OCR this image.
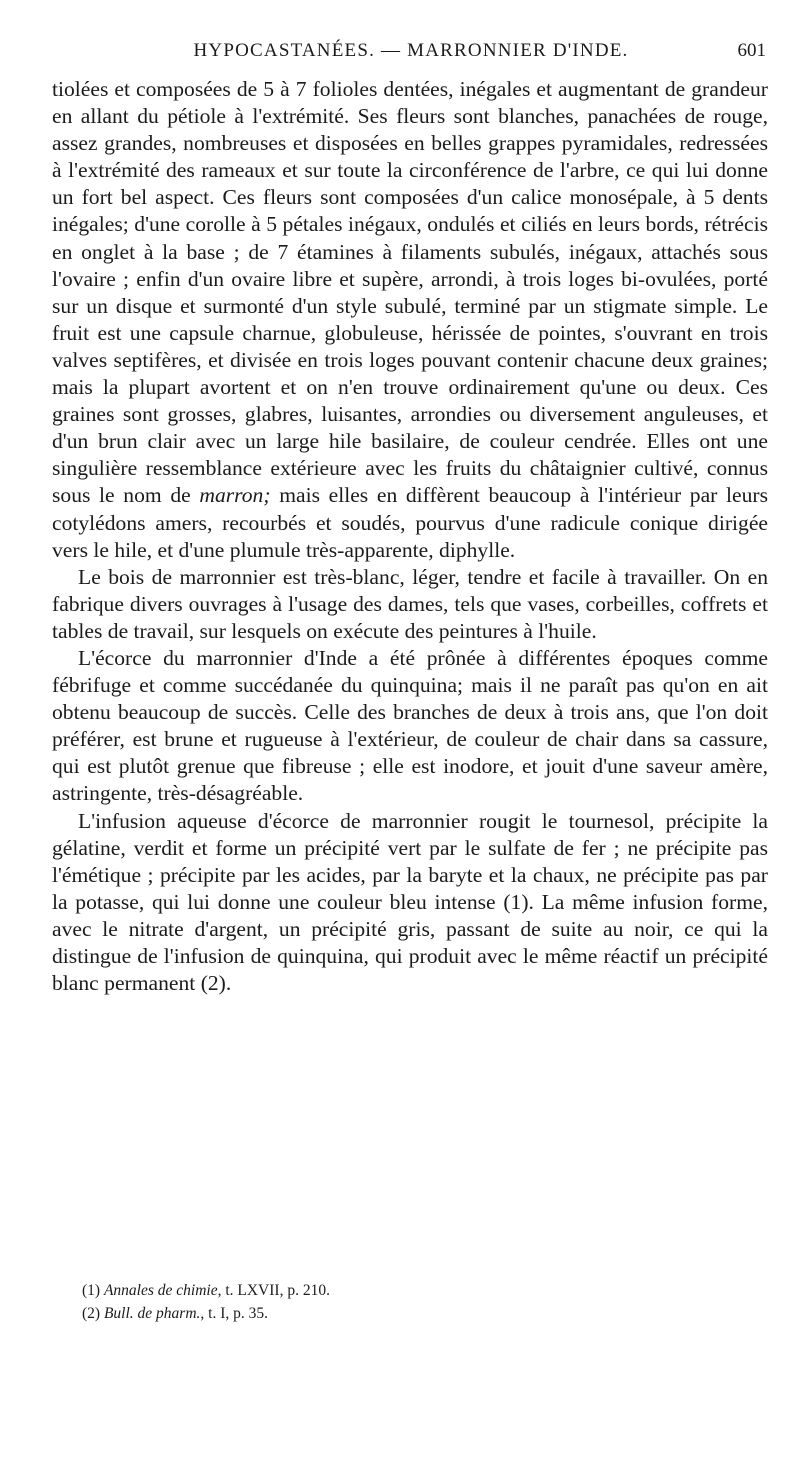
HYPOCASTANÉES. — MARRONNIER D'INDE.	601

tiolées et composées de 5 à 7 folioles dentées, inégales et augmentant de grandeur en allant du pétiole à l'extrémité. Ses fleurs sont blanches, panachées de rouge, assez grandes, nombreuses et disposées en belles grappes pyramidales, redressées à l'extrémité des rameaux et sur toute la circonférence de l'arbre, ce qui lui donne un fort bel aspect. Ces fleurs sont composées d'un calice monosépale, à 5 dents inégales; d'une corolle à 5 pétales inégaux, ondulés et ciliés en leurs bords, rétrécis en onglet à la base ; de 7 étamines à filaments subulés, inégaux, attachés sous l'ovaire ; enfin d'un ovaire libre et supère, arrondi, à trois loges bi-ovulées, porté sur un disque et surmonté d'un style subulé, terminé par un stigmate simple. Le fruit est une capsule charnue, globuleuse, hérissée de pointes, s'ouvrant en trois valves septifères, et divisée en trois loges pouvant contenir chacune deux graines; mais la plupart avortent et on n'en trouve ordinairement qu'une ou deux. Ces graines sont grosses, glabres, luisantes, arrondies ou diversement anguleuses, et d'un brun clair avec un large hile basilaire, de couleur cendrée. Elles ont une singulière ressemblance extérieure avec les fruits du châtaignier cultivé, connus sous le nom de marron; mais elles en diffèrent beaucoup à l'intérieur par leurs cotylédons amers, recourbés et soudés, pourvus d'une radicule conique dirigée vers le hile, et d'une plumule très-apparente, diphylle.

Le bois de marronnier est très-blanc, léger, tendre et facile à travailler. On en fabrique divers ouvrages à l'usage des dames, tels que vases, corbeilles, coffrets et tables de travail, sur lesquels on exécute des peintures à l'huile.

L'écorce du marronnier d'Inde a été prônée à différentes époques comme fébrifuge et comme succédanée du quinquina; mais il ne paraît pas qu'on en ait obtenu beaucoup de succès. Celle des branches de deux à trois ans, que l'on doit préférer, est brune et rugueuse à l'extérieur, de couleur de chair dans sa cassure, qui est plutôt grenue que fibreuse ; elle est inodore, et jouit d'une saveur amère, astringente, très-désagréable.

L'infusion aqueuse d'écorce de marronnier rougit le tournesol, précipite la gélatine, verdit et forme un précipité vert par le sulfate de fer ; ne précipite pas l'émétique ; précipite par les acides, par la baryte et la chaux, ne précipite pas par la potasse, qui lui donne une couleur bleu intense (1). La même infusion forme, avec le nitrate d'argent, un précipité gris, passant de suite au noir, ce qui la distingue de l'infusion de quinquina, qui produit avec le même réactif un précipité blanc permanent (2).

(1) Annales de chimie, t. LXVII, p. 210.
(2) Bull. de pharm., t. I, p. 35.
